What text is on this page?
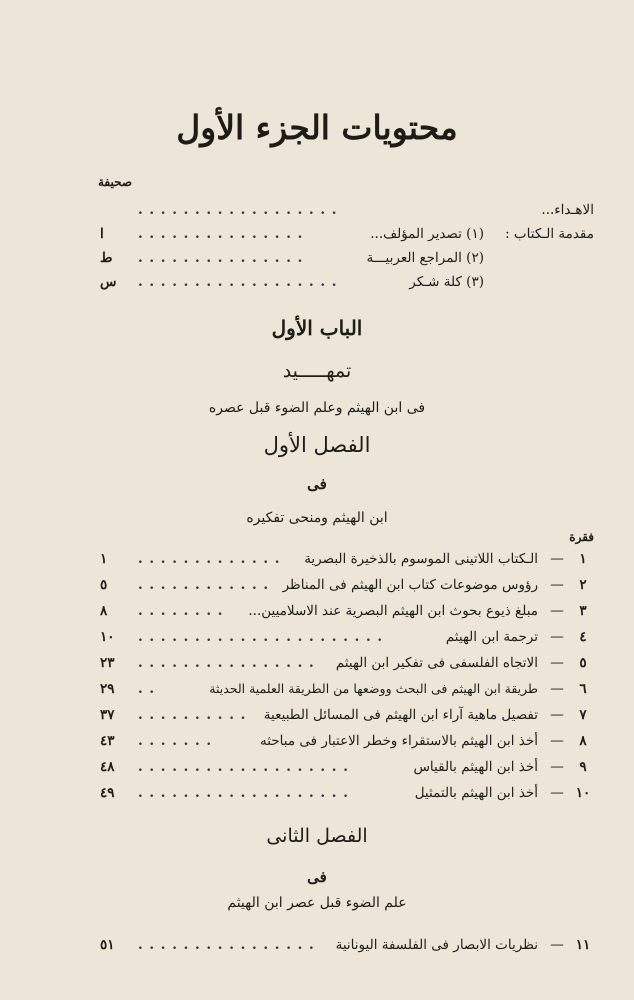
محتويات الجزء الأول
صحيفة
الاهـداء...
. . . . . . . . . . . . . . . . . .
مقدمة الـكتاب :
(١) تصدير المؤلف...
. . . . . . . . . . . . . . .
ا
(٢) المراجع العربيـــة
. . . . . . . . . . . . . . .
ط
(٣) كلة شـكر
. . . . . . . . . . . . . . . . . .
س
الباب الأول
تمهـــــيد
فى ابن الهيثم وعلم الضوء قبل عصره
الفصل الأول
فى
ابن الهيثم ومنحى تفكيره
فقرة
١
—
الـكتاب اللاتينى الموسوم بالذخيرة البصرية
. . . . . . . . . . . . .
١
٢
—
رؤوس موضوعات كتاب ابن الهيثم فى المناظر
. . . . . . . . . . . .
٥
٣
—
مبلغ ذيوع بحوث ابن الهيثم البصرية عند الاسلاميين...
. . . . . . . .
٨
٤
—
ترجمة ابن الهيثم
. . . . . . . . . . . . . . . . . . . . . .
١٠
٥
—
الاتجاه الفلسفى فى تفكير ابن الهيثم
. . . . . . . . . . . . . . . .
٢٣
٦
—
طريقة ابن الهيثم فى البحث ووضعها من الطريقة العلمية الحديثة
. .
٢٩
٧
—
تفصيل ماهية آراء ابن الهيثم فى المسائل الطبيعية
. . . . . . . . . .
٣٧
٨
—
أخذ ابن الهيثم بالاستقراء وخطر الاعتبار فى مباحثه
. . . . . . .
٤٣
٩
—
أخذ ابن الهيثم بالقياس
. . . . . . . . . . . . . . . . . . .
٤٨
١٠
—
أخذ ابن الهيثم بالتمثيل
. . . . . . . . . . . . . . . . . . .
٤٩
الفصل الثانى
فى
علم الضوء قبل عصر ابن الهيثم
١١
—
نظريات الابصار فى الفلسفة اليونانية
. . . . . . . . . . . . . . . .
٥١
